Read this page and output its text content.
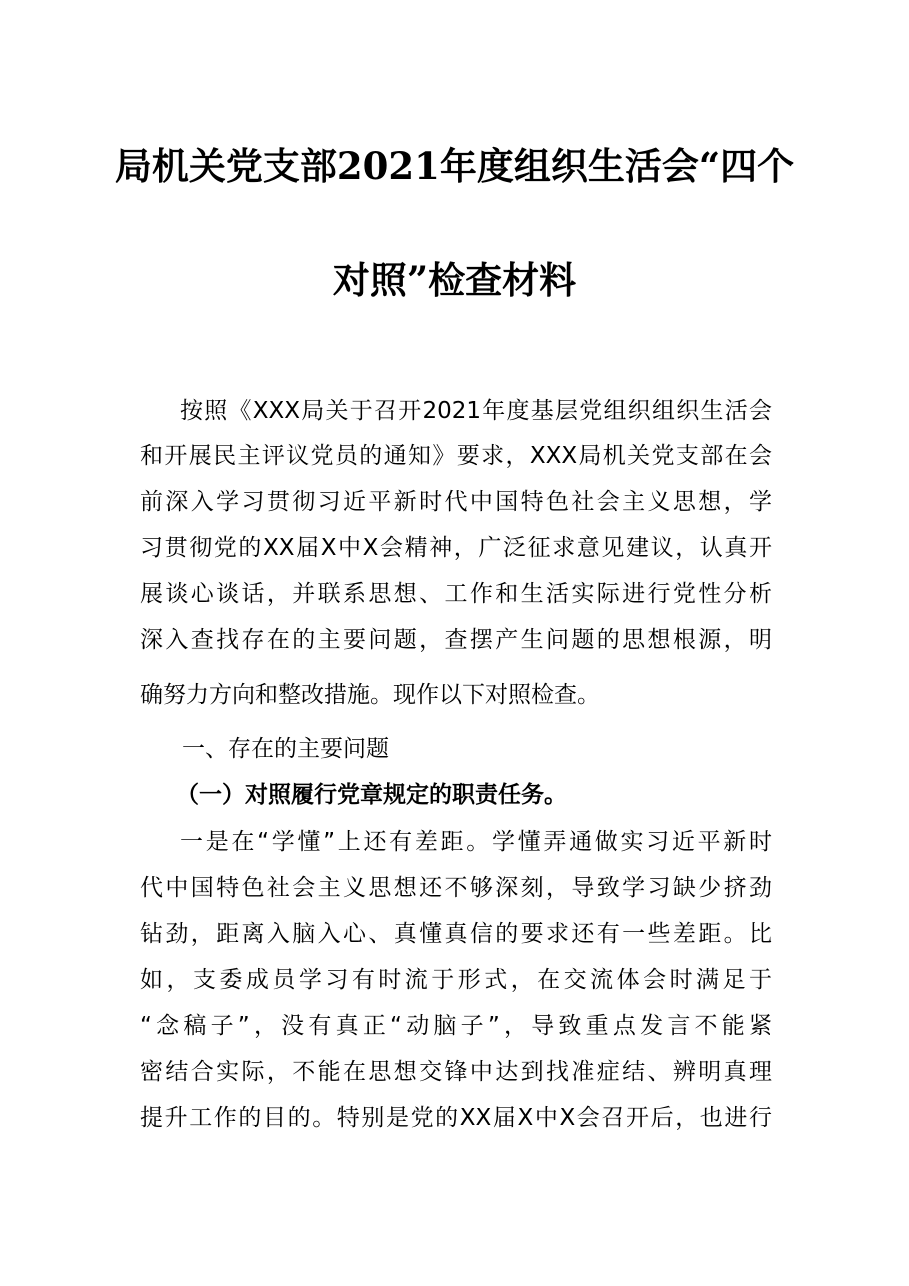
局机关党支部2021年度组织生活会“四个
对照”检查材料
按照《XXX局关于召开2021年度基层党组织组织生活会
和开展民主评议党员的通知》要求，XXX局机关党支部在会
前深入学习贯彻习近平新时代中国特色社会主义思想，学
习贯彻党的XX届X中X会精神，广泛征求意见建议，认真开
展谈心谈话，并联系思想、工作和生活实际进行党性分析
深入查找存在的主要问题，查摆产生问题的思想根源，明
确努力方向和整改措施。现作以下对照检查。
一、存在的主要问题
（一）对照履行党章规定的职责任务。
一是在“学懂”上还有差距。学懂弄通做实习近平新时
代中国特色社会主义思想还不够深刻，导致学习缺少挤劲
钻劲，距离入脑入心、真懂真信的要求还有一些差距。比
如，支委成员学习有时流于形式，在交流体会时满足于
“念稿子”，没有真正“动脑子”，导致重点发言不能紧
密结合实际，不能在思想交锋中达到找准症结、辨明真理
提升工作的目的。特别是党的XX届X中X会召开后，也进行
